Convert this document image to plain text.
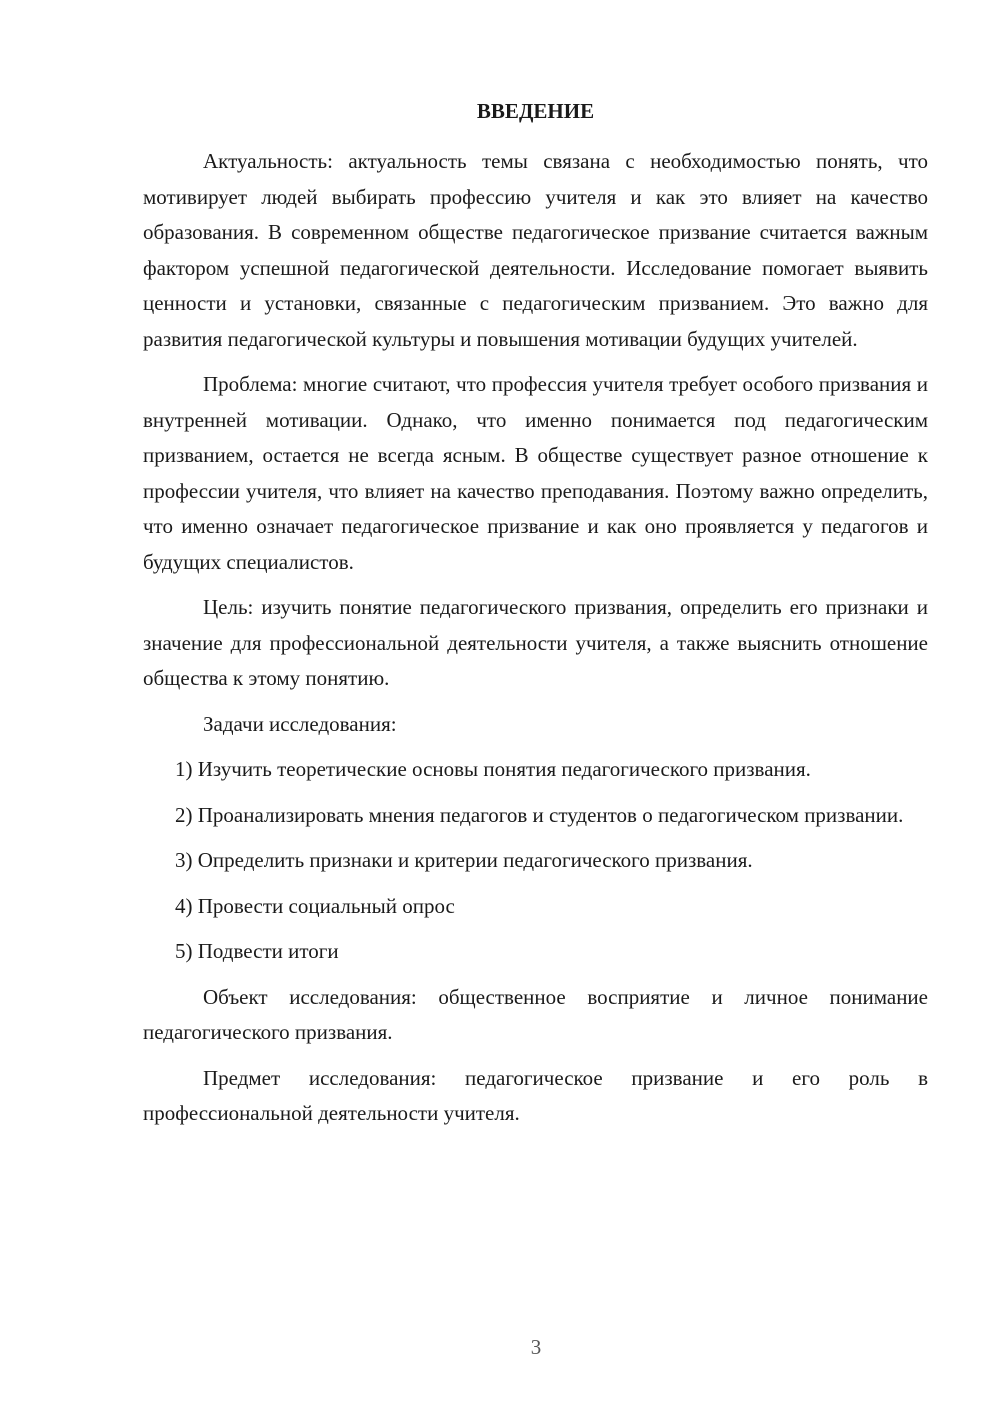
ВВЕДЕНИЕ

Актуальность: актуальность темы связана с необходимостью понять, что мотивирует людей выбирать профессию учителя и как это влияет на качество образования. В современном обществе педагогическое призвание считается важным фактором успешной педагогической деятельности. Исследование помогает выявить ценности и установки, связанные с педагогическим призванием. Это важно для развития педагогической культуры и повышения мотивации будущих учителей.

Проблема: многие считают, что профессия учителя требует особого призвания и внутренней мотивации. Однако, что именно понимается под педагогическим призванием, остается не всегда ясным. В обществе существует разное отношение к профессии учителя, что влияет на качество преподавания. Поэтому важно определить, что именно означает педагогическое призвание и как оно проявляется у педагогов и будущих специалистов.

Цель: изучить понятие педагогического призвания, определить его признаки и значение для профессиональной деятельности учителя, а также выяснить отношение общества к этому понятию.

Задачи исследования:

1) Изучить теоретические основы понятия педагогического призвания.

2) Проанализировать мнения педагогов и студентов о педагогическом призвании.

3) Определить признаки и критерии педагогического призвания.

4) Провести социальный опрос

5) Подвести итоги

Объект исследования: общественное восприятие и личное понимание педагогического призвания.

Предмет исследования: педагогическое призвание и его роль в профессиональной деятельности учителя.

3
